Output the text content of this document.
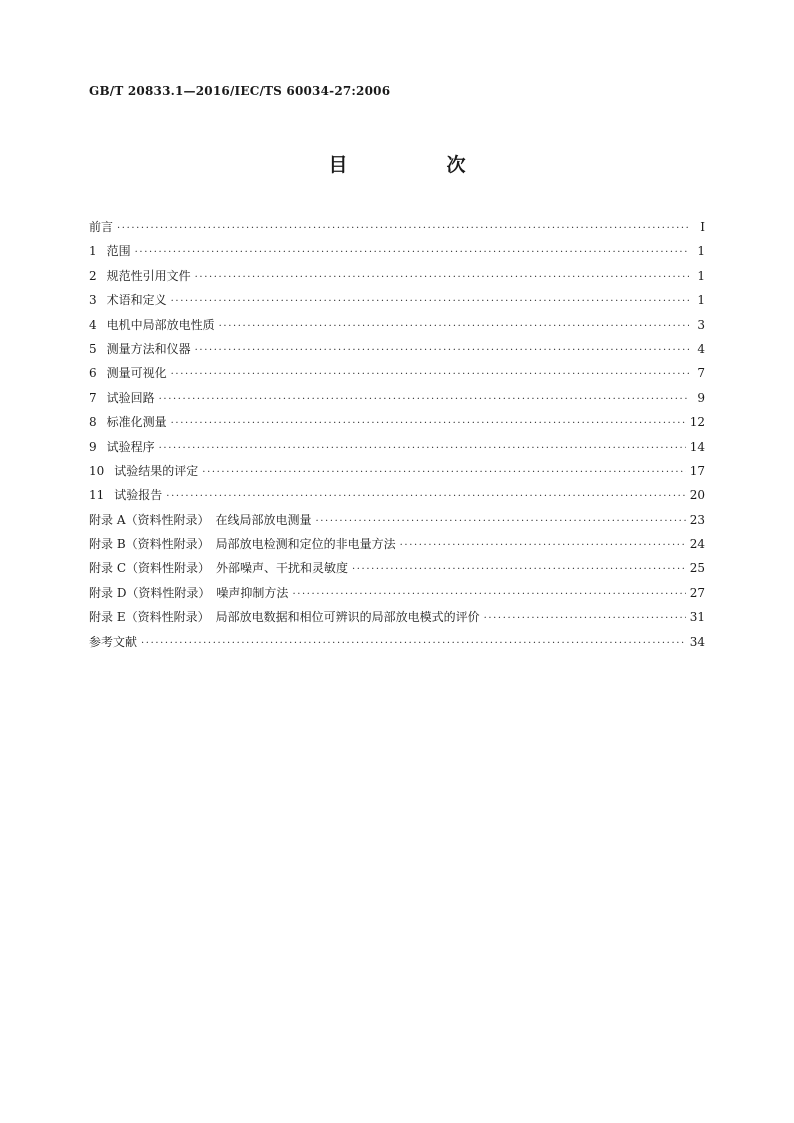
GB/T 20833.1—2016/IEC/TS 60034-27:2006
目　次
前言 ·····	Ⅰ
1 范围 ·····	1
2 规范性引用文件 ·····	1
3 术语和定义 ·····	1
4 电机中局部放电性质 ·····	3
5 测量方法和仪器 ·····	4
6 测量可视化 ·····	7
7 试验回路 ·····	9
8 标准化测量 ·····	12
9 试验程序 ·····	14
10 试验结果的评定 ·····	17
11 试验报告 ·····	20
附录 A（资料性附录）　在线局部放电测量 ·····	23
附录 B（资料性附录）　局部放电检测和定位的非电量方法 ·····	24
附录 C（资料性附录）　外部噪声、干扰和灵敏度 ·····	25
附录 D（资料性附录）　噪声抑制方法 ·····	27
附录 E（资料性附录）　局部放电数据和相位可辨识的局部放电模式的评价 ·····	31
参考文献 ·····	34
